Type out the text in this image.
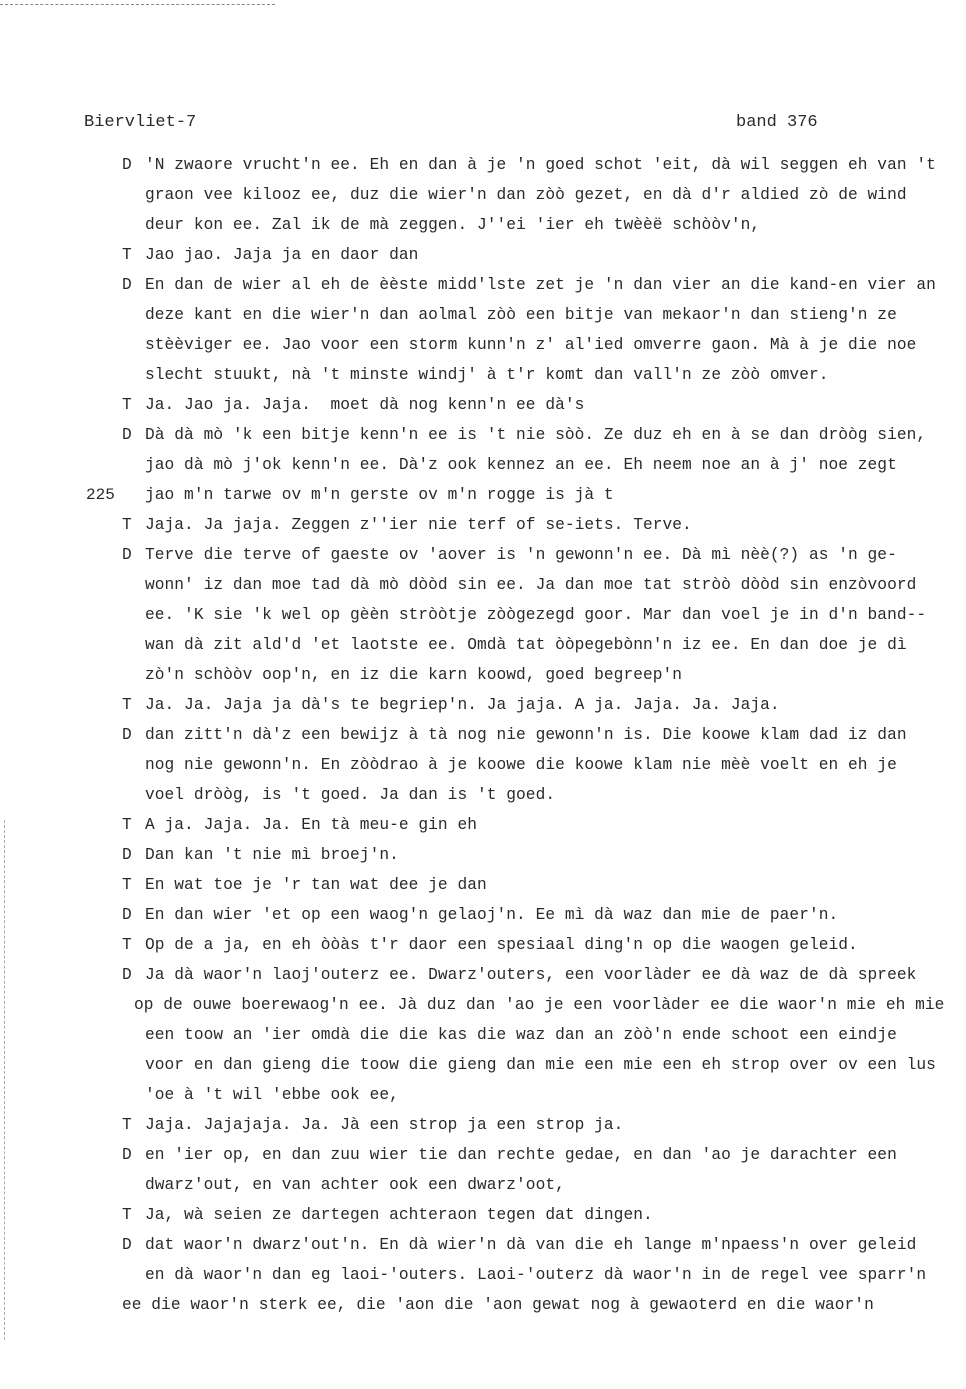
Biervliet-7	band 376
D 'N zwaore vrucht'n ee. Eh en dan à je 'n goed schot 'eit, dà wil seggen eh van 't
graon vee kilooz ee, duz die wier'n dan zòò gezet, en dà d'r aldied zò de wind
deur kon ee. Zal ik de mà zeggen. J''ei 'ier eh twèèë schòòv'n,
T Jao jao. Jaja ja en daor dan
D En dan de wier al eh de èèste midd'lste zet je 'n dan vier an die kand-en vier an
deze kant en die wier'n dan aolmal zòò een bitje van mekaor'n dan stieng'n ze
stèèviger ee. Jao voor een storm kunn'n z' al'ied omverre gaon. Mà à je die noe
slecht stuukt, nà 't minste windj' à t'r komt dan vall'n ze zòò omver.
T Ja. Jao ja. Jaja.  moet dà nog kenn'n ee dà's
D Dà dà mò 'k een bitje kenn'n ee is 't nie sòò. Ze duz eh en à se dan dròòg sien,
jao dà mò j'ok kenn'n ee. Dà'z ook kennez an ee. Eh neem noe an à j' noe zegt
jao m'n tarwe ov m'n gerste ov m'n rogge is jà t
225
T Jaja. Ja jaja. Zeggen z''ier nie terf of se-iets. Terve.
D Terve die terve of gaeste ov 'aover is 'n gewonn'n ee. Dà mì nèè(?) as 'n ge-
wonn' iz dan moe tad dà mò dòòd sin ee. Ja dan moe tat stròò dòòd sin enzòvoord
ee. 'K sie 'k wel op gèèn stròòtje zòògezegd goor. Mar dan voel je in d'n band--
wan dà zit ald'd 'et laotste ee. Omdà tat òòpegebònn'n iz ee. En dan doe je dì
zò'n schòòv oop'n, en iz die karn koowd, goed begreep'n
T Ja. Ja. Jaja ja dà's te begriep'n. Ja jaja. A ja. Jaja. Ja. Jaja.
D dan zitt'n dà'z een bewijz à tà nog nie gewonn'n is. Die koowe klam dad iz dan
nog nie gewonn'n. En zòòdrao à je koowe die koowe klam nie mèè voelt en eh je
voel dròòg, is 't goed. Ja dan is 't goed.
T A ja. Jaja. Ja. En tà meu-e gin eh
D Dan kan 't nie mì broej'n.
T En wat toe je 'r tan wat dee je dan
D En dan wier 'et op een waog'n gelaoj'n. Ee mì dà waz dan mie de paer'n.
T Op de a ja, en eh òòàs t'r daor een spesiaal ding'n op die waogen geleid.
D Ja dà waor'n laoj'outerz ee. Dwarz'outers, een voorlàder ee dà waz de dà spreek
op de ouwe boerewaog'n ee. Jà duz dan 'ao je een voorlàder ee die waor'n mie eh mie
een toow an 'ier omdà die die kas die waz dan an zòò'n ende schoot een eindje
voor en dan gieng die toow die gieng dan mie een mie een eh strop over ov een lus
'oe à 't wil 'ebbe ook ee,
T Jaja. Jajajaja. Ja. Jà een strop ja een strop ja.
D en 'ier op, en dan zuu wier tie dan rechte gedae, en dan 'ao je darachter een
dwarz'out, en van achter ook een dwarz'oot,
T Ja, wà seien ze dartegen achteraon tegen dat dingen.
D dat waor'n dwarz'out'n. En dà wier'n dà van die eh lange m'npaess'n over geleid
en dà waor'n dan eg laoi-'outers. Laoi-'outerz dà waor'n in de regel vee sparr'n
ee die waor'n sterk ee, die 'aon die 'aon gewat nog à gewaoterd en die waor'n
